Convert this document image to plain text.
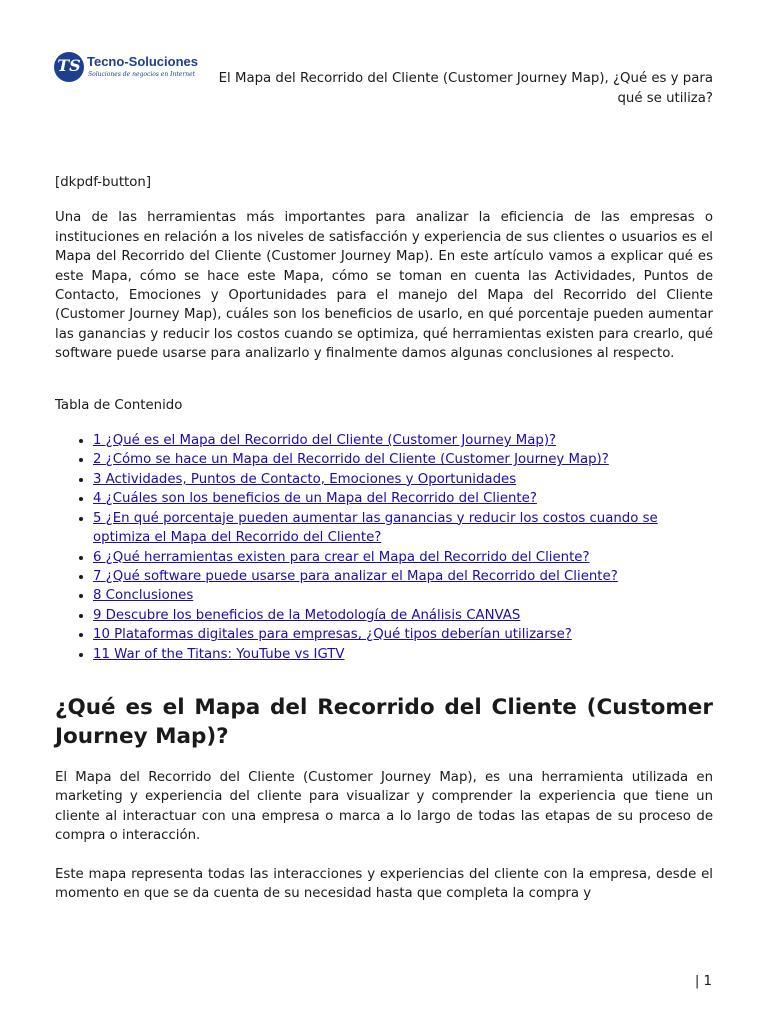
TS Tecno-Soluciones
Soluciones de negocios en Internet	El Mapa del Recorrido del Cliente (Customer Journey Map), ¿Qué es y para qué se utiliza?

[dkpdf-button]

Una de las herramientas más importantes para analizar la eficiencia de las empresas o instituciones en relación a los niveles de satisfacción y experiencia de sus clientes o usuarios es el Mapa del Recorrido del Cliente (Customer Journey Map). En este artículo vamos a explicar qué es este Mapa, cómo se hace este Mapa, cómo se toman en cuenta las Actividades, Puntos de Contacto, Emociones y Oportunidades para el manejo del Mapa del Recorrido del Cliente (Customer Journey Map), cuáles son los beneficios de usarlo, en qué porcentaje pueden aumentar las ganancias y reducir los costos cuando se optimiza, qué herramientas existen para crearlo, qué software puede usarse para analizarlo y finalmente damos algunas conclusiones al respecto.

Tabla de Contenido

• 1 ¿Qué es el Mapa del Recorrido del Cliente (Customer Journey Map)?
• 2 ¿Cómo se hace un Mapa del Recorrido del Cliente (Customer Journey Map)?
• 3 Actividades, Puntos de Contacto, Emociones y Oportunidades
• 4 ¿Cuáles son los beneficios de un Mapa del Recorrido del Cliente?
• 5 ¿En qué porcentaje pueden aumentar las ganancias y reducir los costos cuando se optimiza el Mapa del Recorrido del Cliente?
• 6 ¿Qué herramientas existen para crear el Mapa del Recorrido del Cliente?
• 7 ¿Qué software puede usarse para analizar el Mapa del Recorrido del Cliente?
• 8 Conclusiones
• 9 Descubre los beneficios de la Metodología de Análisis CANVAS
• 10 Plataformas digitales para empresas, ¿Qué tipos deberían utilizarse?
• 11 War of the Titans: YouTube vs IGTV
¿Qué es el Mapa del Recorrido del Cliente (Customer Journey Map)?

El Mapa del Recorrido del Cliente (Customer Journey Map), es una herramienta utilizada en marketing y experiencia del cliente para visualizar y comprender la experiencia que tiene un cliente al interactuar con una empresa o marca a lo largo de todas las etapas de su proceso de compra o interacción.

Este mapa representa todas las interacciones y experiencias del cliente con la empresa, desde el momento en que se da cuenta de su necesidad hasta que completa la compra y

| 1
